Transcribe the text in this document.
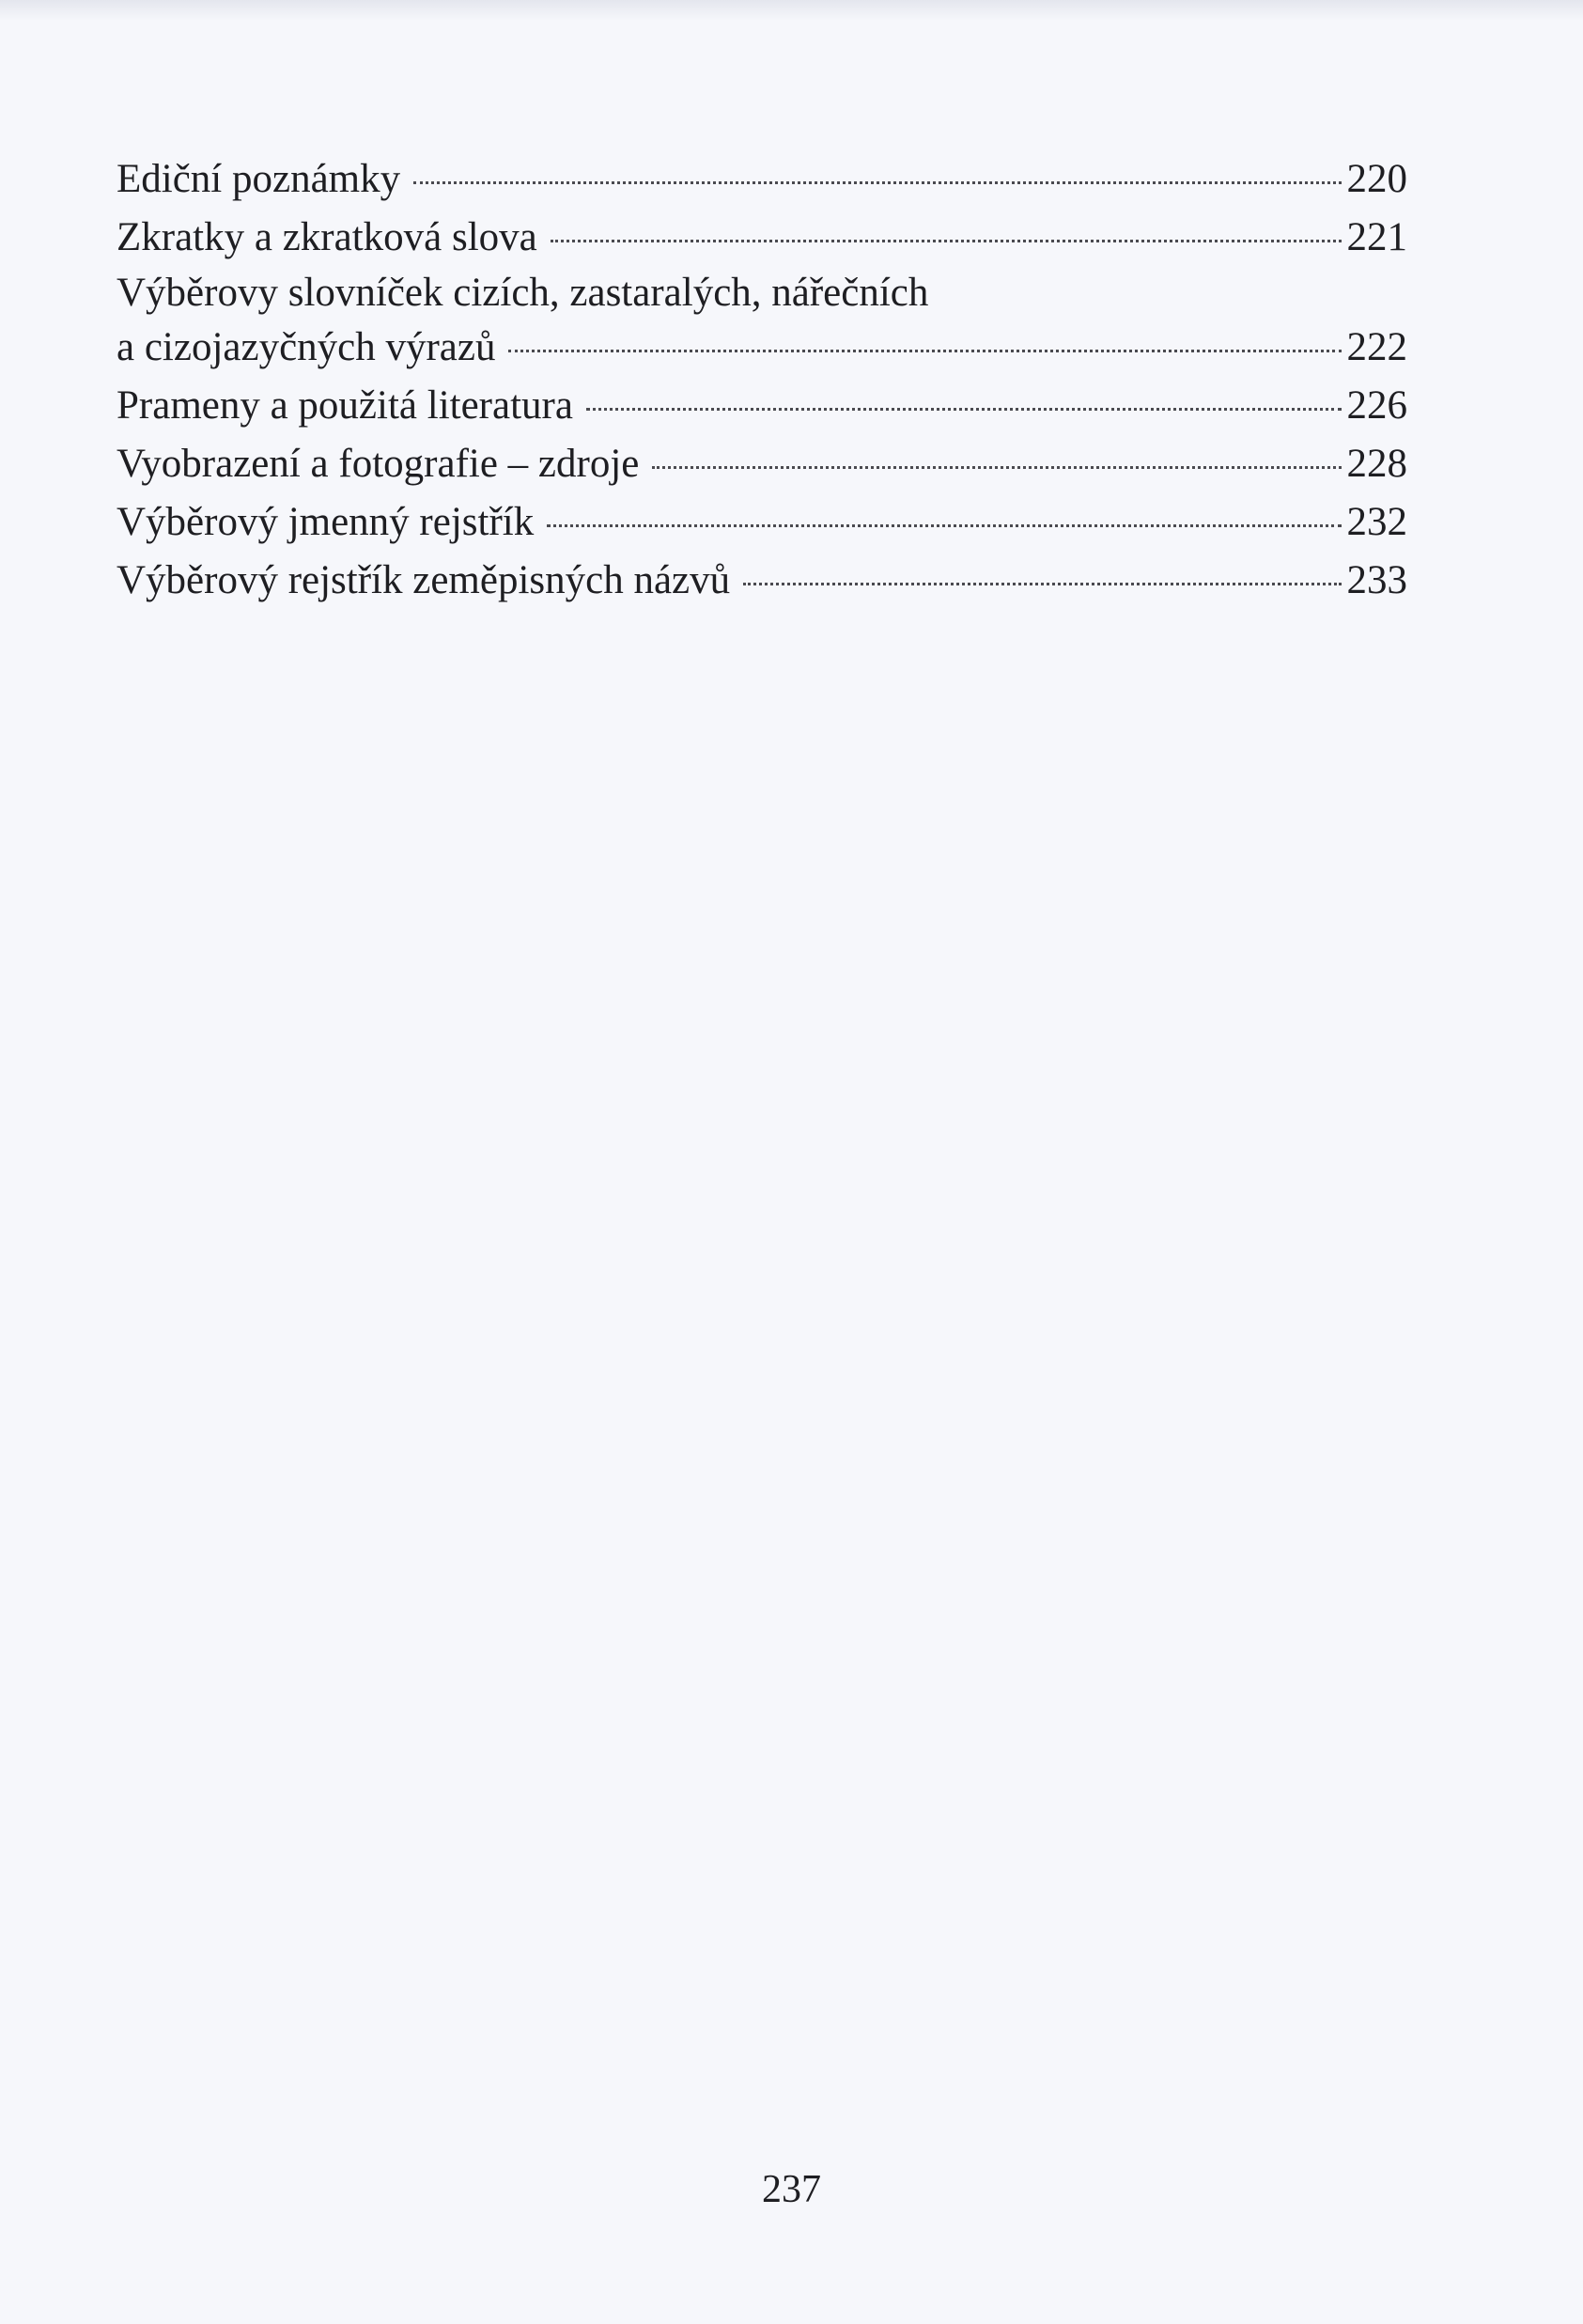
Ediční poznámky	220
Zkratky a zkratková slova	221
Výběrovy slovníček cizích, zastaralých, nářečních
a cizojazyčných výrazů	222
Prameny a použitá literatura	226
Vyobrazení a fotografie – zdroje	228
Výběrový jmenný rejstřík	232
Výběrový rejstřík zeměpisných názvů	233
237
